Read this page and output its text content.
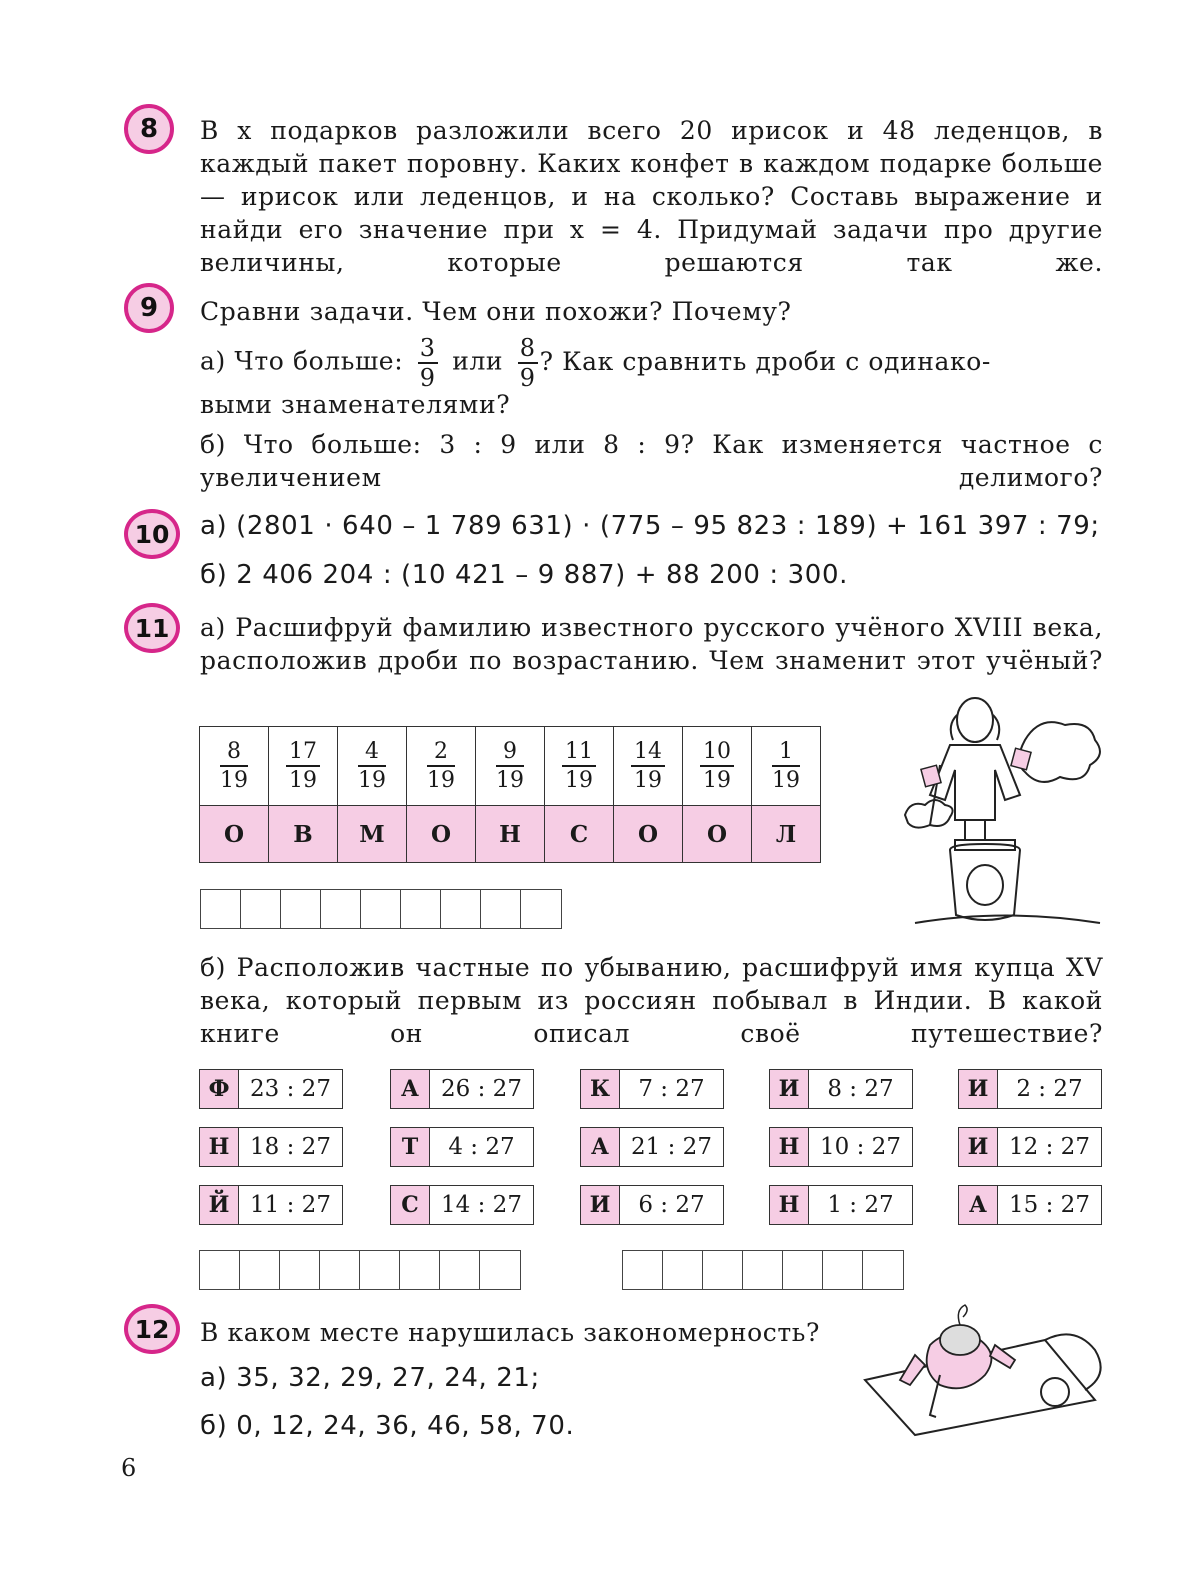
8	В x подарков разложили всего 20 ирисок и 48 леденцов, в каждый пакет поровну. Каких конфет в каждом подарке больше — ирисок или леденцов, и на сколько? Составь выражение и найди его значение при x = 4. Придумай задачи про другие величины, которые решаются так же.
9	Сравни задачи. Чем они похожи? Почему?
а) Что больше: $\frac{3}{9}$ или $\frac{8}{9}$ ? Как сравнить дроби с одинако-
выми знаменателями?
б) Что больше: 3 : 9 или 8 : 9? Как изменяется частное с увеличением делимого?
10	а) (2801 · 640 – 1 789 631) · (775 – 95 823 : 189) + 161 397 : 79;
б) 2 406 204 : (10 421 – 9 887) + 88 200 : 300.
11	а) Расшифруй фамилию известного русского учёного XVIII века, расположив дроби по возрастанию. Чем знаменит этот учёный?
$\frac{8}{19}$	$\frac{17}{19}$	$\frac{4}{19}$	$\frac{2}{19}$	$\frac{9}{19}$	$\frac{11}{19}$	$\frac{14}{19}$	$\frac{10}{19}$	$\frac{1}{19}$

О	В	М	О	Н	С	О	О	Л
б) Расположив частные по убыванию, расшифруй имя купца XV века, который первым из россиян побывал в Индии. В какой книге он описал своё путешествие?
Ф 23 : 27	А 26 : 27	К	7 : 27	И	8 : 27	И	2 : 27
Н 18 : 27	Т	4 : 27	А 21 : 27	Н 10 : 27	И 12 : 27
Й 11 : 27	С 14 : 27	И	6 : 27	Н	1 : 27	А 15 : 27
12	В каком месте нарушилась закономерность?
а) 35, 32, 29, 27, 24, 21;
б) 0, 12, 24, 36, 46, 58, 70.
6
